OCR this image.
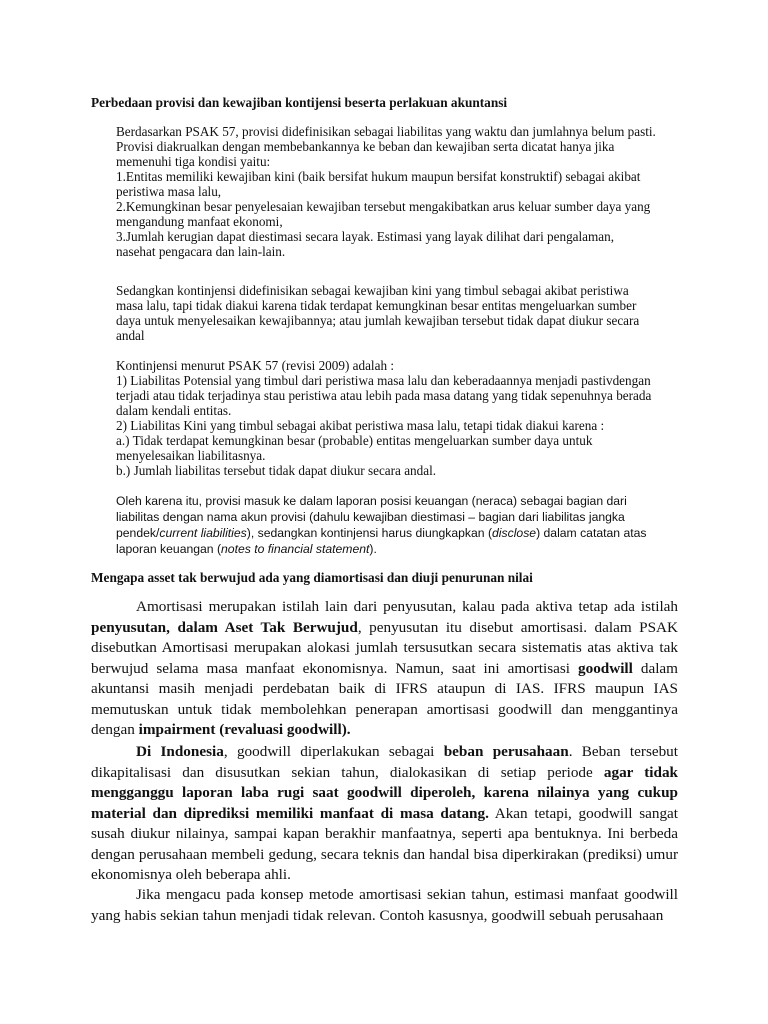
Perbedaan provisi dan kewajiban kontijensi beserta perlakuan akuntansi

Berdasarkan PSAK 57, provisi didefinisikan sebagai liabilitas yang waktu dan jumlahnya belum pasti.
Provisi diakrualkan dengan membebankannya ke beban dan kewajiban serta dicatat hanya jika
memenuhi tiga kondisi yaitu:
1.Entitas memiliki kewajiban kini (baik bersifat hukum maupun bersifat konstruktif) sebagai akibat
peristiwa masa lalu,
2.Kemungkinan besar penyelesaian kewajiban tersebut mengakibatkan arus keluar sumber daya yang
mengandung manfaat ekonomi,
3.Jumlah kerugian dapat diestimasi secara layak. Estimasi yang layak dilihat dari pengalaman,
nasehat pengacara dan lain-lain.
Sedangkan kontinjensi didefinisikan sebagai kewajiban kini yang timbul sebagai akibat peristiwa
masa lalu, tapi tidak diakui karena tidak terdapat kemungkinan besar entitas mengeluarkan sumber
daya untuk menyelesaikan kewajibannya; atau jumlah kewajiban tersebut tidak dapat diukur secara
andal
Kontinjensi menurut PSAK 57 (revisi 2009) adalah :
1) Liabilitas Potensial yang timbul dari peristiwa masa lalu dan keberadaannya menjadi pastivdengan
terjadi atau tidak terjadinya stau peristiwa atau lebih pada masa datang yang tidak sepenuhnya berada
dalam kendali entitas.
2) Liabilitas Kini yang timbul sebagai akibat peristiwa masa lalu, tetapi tidak diakui karena :
a.) Tidak terdapat kemungkinan besar (probable) entitas mengeluarkan sumber daya untuk
menyelesaikan liabilitasnya.
b.) Jumlah liabilitas tersebut tidak dapat diukur secara andal.
Oleh karena itu, provisi masuk ke dalam laporan posisi keuangan (neraca) sebagai bagian dari
liabilitas dengan nama akun provisi (dahulu kewajiban diestimasi – bagian dari liabilitas jangka
pendek/current liabilities), sedangkan kontinjensi harus diungkapkan (disclose) dalam catatan atas
laporan keuangan (notes to financial statement).

Mengapa asset tak berwujud ada yang diamortisasi dan diuji penurunan nilai

Amortisasi merupakan istilah lain dari penyusutan, kalau pada aktiva tetap ada istilah penyusutan, dalam Aset Tak Berwujud, penyusutan itu disebut amortisasi. dalam PSAK disebutkan Amortisasi merupakan alokasi jumlah tersusutkan secara sistematis atas aktiva tak berwujud selama masa manfaat ekonomisnya. Namun, saat ini amortisasi goodwill dalam akuntansi masih menjadi perdebatan baik di IFRS ataupun di IAS. IFRS maupun IAS memutuskan untuk tidak membolehkan penerapan amortisasi goodwill dan menggantinya dengan impairment (revaluasi goodwill).

Di Indonesia, goodwill diperlakukan sebagai beban perusahaan. Beban tersebut dikapitalisasi dan disusutkan sekian tahun, dialokasikan di setiap periode agar tidak mengganggu laporan laba rugi saat goodwill diperoleh, karena nilainya yang cukup material dan diprediksi memiliki manfaat di masa datang. Akan tetapi, goodwill sangat susah diukur nilainya, sampai kapan berakhir manfaatnya, seperti apa bentuknya. Ini berbeda dengan perusahaan membeli gedung, secara teknis dan handal bisa diperkirakan (prediksi) umur ekonomisnya oleh beberapa ahli.

Jika mengacu pada konsep metode amortisasi sekian tahun, estimasi manfaat goodwill yang habis sekian tahun menjadi tidak relevan. Contoh kasusnya, goodwill sebuah perusahaan
